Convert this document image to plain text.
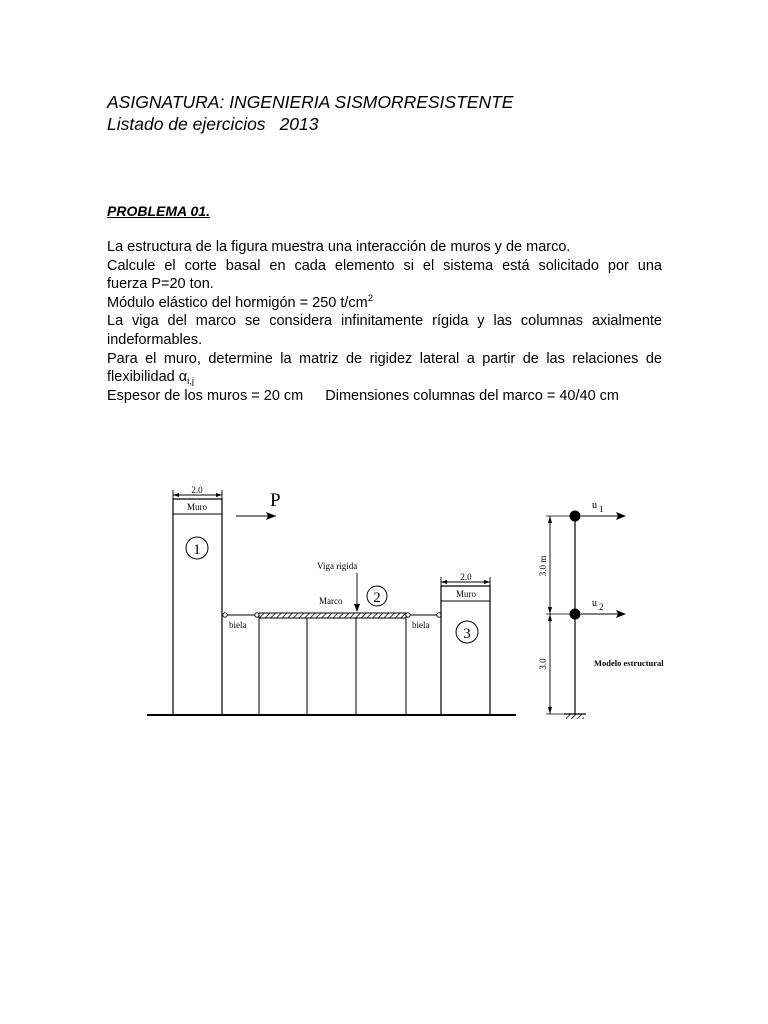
ASIGNATURA: INGENIERIA SISMORRESISTENTE
Listado de ejercicios 2013
PROBLEMA 01.
La estructura de la figura muestra una interacción de muros y de marco.
Calcule el corte basal en cada elemento si el sistema está solicitado por una
fuerza P=20 ton.
Módulo elástico del hormigón = 250 $t/cm^2$
La viga del marco se considera infinitamente rígida y las columnas axialmente
indeformables.
Para el muro, determine la matriz de rigidez lateral a partir de las relaciones de
flexibilidad $\alpha_{i,j}$
Espesor de los muros = 20 cm Dimensiones columnas del marco = 40/40 cm
2.0
Muro
1
P
biela
Viga rigida
Marco 2
biela
2.0
Muro
3
u 1
u 2
3.0 m
3.0	Modelo estructural
